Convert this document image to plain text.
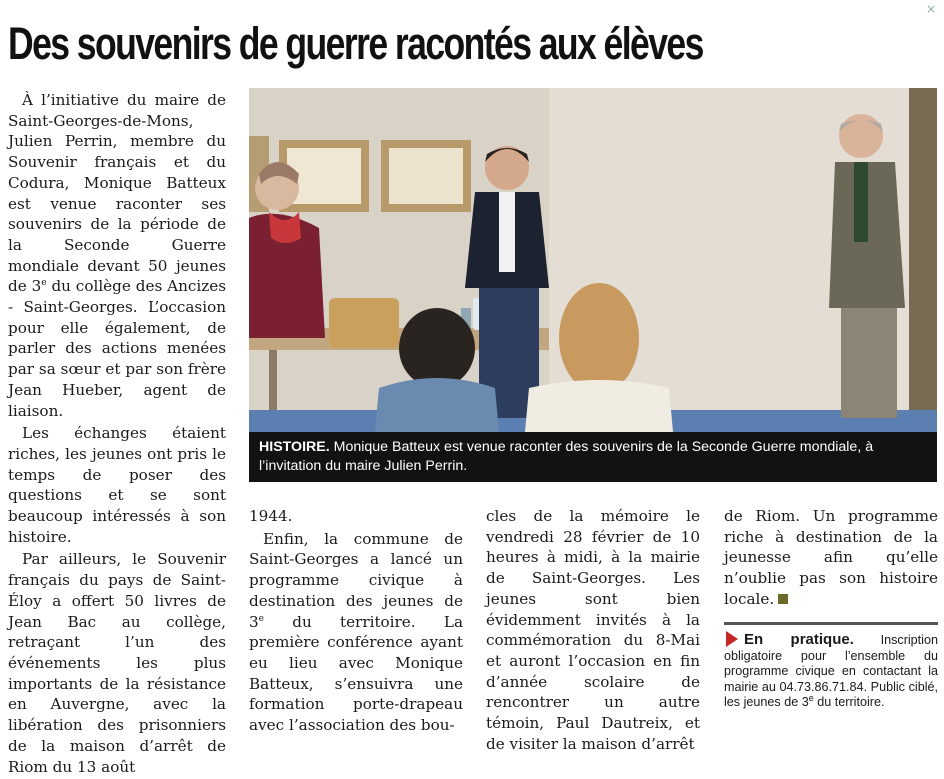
×
Des souvenirs de guerre racontés aux élèves

À l’initiative du maire de Saint-Georges-de-Mons, Julien Perrin, membre du Souvenir français et du Codura, Monique Batteux est venue raconter ses souvenirs de la période de la Seconde Guerre mondiale devant 50 jeunes de 3e du collège des Ancizes - Saint-Georges. L’occasion pour elle également, de parler des actions menées par sa sœur et par son frère Jean Hueber, agent de liaison.

Les échanges étaient riches, les jeunes ont pris le temps de poser des questions et se sont beaucoup intéressés à son histoire.

Par ailleurs, le Souvenir français du pays de Saint-Éloy a offert 50 livres de Jean Bac au collège, retraçant l’un des événements les plus importants de la résistance en Auvergne, avec la libération des prisonniers de la maison d’arrêt de Riom du 13 août

HISTOIRE. Monique Batteux est venue raconter des souvenirs de la Seconde Guerre mondiale, à l’invitation du maire Julien Perrin.

1944.

Enfin, la commune de Saint-Georges a lancé un programme civique à destination des jeunes de 3e du territoire. La première conférence ayant eu lieu avec Monique Batteux, s’ensuivra une formation porte-drapeau avec l’association des bou-

cles de la mémoire le vendredi 28 février de 10 heures à midi, à la mairie de Saint-Georges. Les jeunes sont bien évidemment invités à la commémoration du 8-Mai et auront l’occasion en fin d’année scolaire de rencontrer un autre témoin, Paul Dautreix, et de visiter la maison d’arrêt

de Riom. Un programme riche à destination de la jeunesse afin qu’elle n’oublie pas son histoire locale.

En pratique. Inscription obligatoire pour l’ensemble du programme civique en contactant la mairie au 04.73.86.71.84. Public ciblé, les jeunes de 3e du territoire.
